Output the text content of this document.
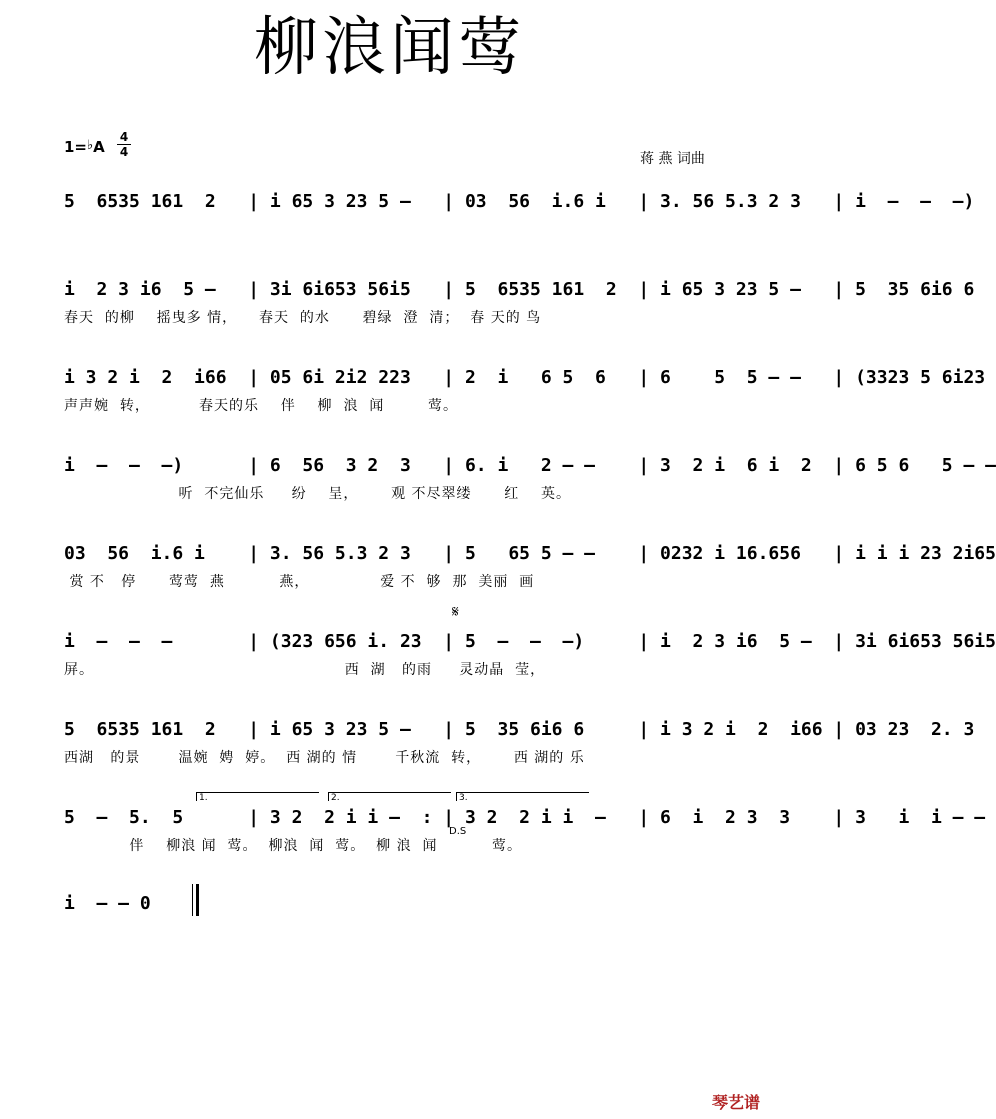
柳浪闻莺
1=♭A
4
4	蒋 燕 词曲
5  6535 161  2   | i 65 3 23 5 –   | 03  56  i.6 i   | 3. 56 5.3 2 3   | i  –  –  –)
i  2 3 i6  5 –   | 3i 6i653 56i5   | 5  6535 161  2  | i 65 3 23 5 –   | 5  35 6i6 6
春天  的柳    摇曳多 情，    春天  的水      碧绿  澄  清；  春 天的 鸟
i 3 2 i  2  i66  | 05 6i 2i2 223   | 2  i   6 5  6   | 6    5  5 – –   | (3323 5 6i23
声声婉  转，         春天的乐    伴    柳  浪  闻        莺。
i  –  –  –)      | 6  56  3 2  3   | 6. i   2 – –    | 3  2 i  6 i  2  | 6 5 6   5 – –
听  不完仙乐     纷    呈，      观 不尽翠缕      红    英。
03  56  i.6 i    | 3. 56 5.3 2 3   | 5   65 5 – –    | 0232 i 16.656   | i i i 23 2i65
赏 不   停      莺莺  燕          燕，             爱 不  够  那  美丽  画
i  –  –  –       | (323 656 i. 23  | 5  –  –  –)     | i  2 3 i6  5 –  | 3i 6i653 56i5
屏。                                              西  湖   的雨     灵动晶  莹，
5  6535 161  2   | i 65 3 23 5 –   | 5  35 6i6 6     | i 3 2 i  2  i66 | 03 23  2. 3
西湖   的景       温婉  娉  婷。  西 湖的 情       千秋流  转，      西 湖的 乐
5  –  5.  5      | 3 2  2 i i –  : | 3 2  2 i i  –   | 6  i  2 3  3    | 3   i  i – –
伴    柳浪 闻  莺。  柳浪  闻  莺。  柳 浪  闻          莺。
1.	2.	3.
𝄋
D.S
i  – – 0
琴艺谱
